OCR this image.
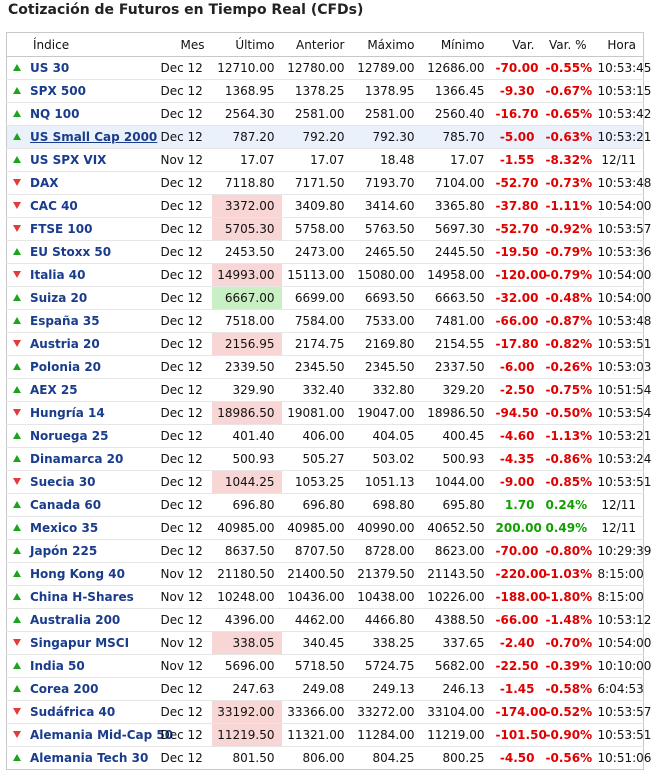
Cotización de Futuros en Tiempo Real (CFDs)
Índice	Mes	Último	Anterior	Máximo	Mínimo	Var.	Var. %	Hora
US 30	Dec 12	12710.00	12780.00	12789.00	12686.00	-70.00	-0.55%	10:53:45
SPX 500	Dec 12	1368.95	1378.25	1378.95	1366.45	-9.30	-0.67%	10:53:15
NQ 100	Dec 12	2564.30	2581.00	2581.00	2560.40	-16.70	-0.65%	10:53:42
US Small Cap 2000	Dec 12	787.20	792.20	792.30	785.70	-5.00	-0.63%	10:53:21
US SPX VIX	Nov 12	17.07	17.07	18.48	17.07	-1.55	-8.32%	12/11
DAX	Dec 12	7118.80	7171.50	7193.70	7104.00	-52.70	-0.73%	10:53:48
CAC 40	Dec 12	3372.00	3409.80	3414.60	3365.80	-37.80	-1.11%	10:54:00
FTSE 100	Dec 12	5705.30	5758.00	5763.50	5697.30	-52.70	-0.92%	10:53:57
EU Stoxx 50	Dec 12	2453.50	2473.00	2465.50	2445.50	-19.50	-0.79%	10:53:36
Italia 40	Dec 12	14993.00	15113.00	15080.00	14958.00	-120.00	-0.79%	10:54:00
Suiza 20	Dec 12	6667.00	6699.00	6693.50	6663.50	-32.00	-0.48%	10:54:00
España 35	Dec 12	7518.00	7584.00	7533.00	7481.00	-66.00	-0.87%	10:53:48
Austria 20	Dec 12	2156.95	2174.75	2169.80	2154.55	-17.80	-0.82%	10:53:51
Polonia 20	Dec 12	2339.50	2345.50	2345.50	2337.50	-6.00	-0.26%	10:53:03
AEX 25	Dec 12	329.90	332.40	332.80	329.20	-2.50	-0.75%	10:51:54
Hungría 14	Dec 12	18986.50	19081.00	19047.00	18986.50	-94.50	-0.50%	10:53:54
Noruega 25	Dec 12	401.40	406.00	404.05	400.45	-4.60	-1.13%	10:53:21
Dinamarca 20	Dec 12	500.93	505.27	503.02	500.93	-4.35	-0.86%	10:53:24
Suecia 30	Dec 12	1044.25	1053.25	1051.13	1044.00	-9.00	-0.85%	10:53:51
Canada 60	Dec 12	696.80	696.80	698.80	695.80	1.70	0.24%	12/11
Mexico 35	Dec 12	40985.00	40985.00	40990.00	40652.50	200.00	0.49%	12/11
Japón 225	Dec 12	8637.50	8707.50	8728.00	8623.00	-70.00	-0.80%	10:29:39
Hong Kong 40	Nov 12	21180.50	21400.50	21379.50	21143.50	-220.00	-1.03%	8:15:00
China H-Shares	Nov 12	10248.00	10436.00	10438.00	10226.00	-188.00	-1.80%	8:15:00
Australia 200	Dec 12	4396.00	4462.00	4466.80	4388.50	-66.00	-1.48%	10:53:12
Singapur MSCI	Nov 12	338.05	340.45	338.25	337.65	-2.40	-0.70%	10:54:00
India 50	Nov 12	5696.00	5718.50	5724.75	5682.00	-22.50	-0.39%	10:10:00
Corea 200	Dec 12	247.63	249.08	249.13	246.13	-1.45	-0.58%	6:04:53
Sudáfrica 40	Dec 12	33192.00	33366.00	33272.00	33104.00	-174.00	-0.52%	10:53:57
Alemania Mid-Cap 50	Dec 12	11219.50	11321.00	11284.00	11219.00	-101.50	-0.90%	10:53:51
Alemania Tech 30	Dec 12	801.50	806.00	804.25	800.25	-4.50	-0.56%	10:51:06
